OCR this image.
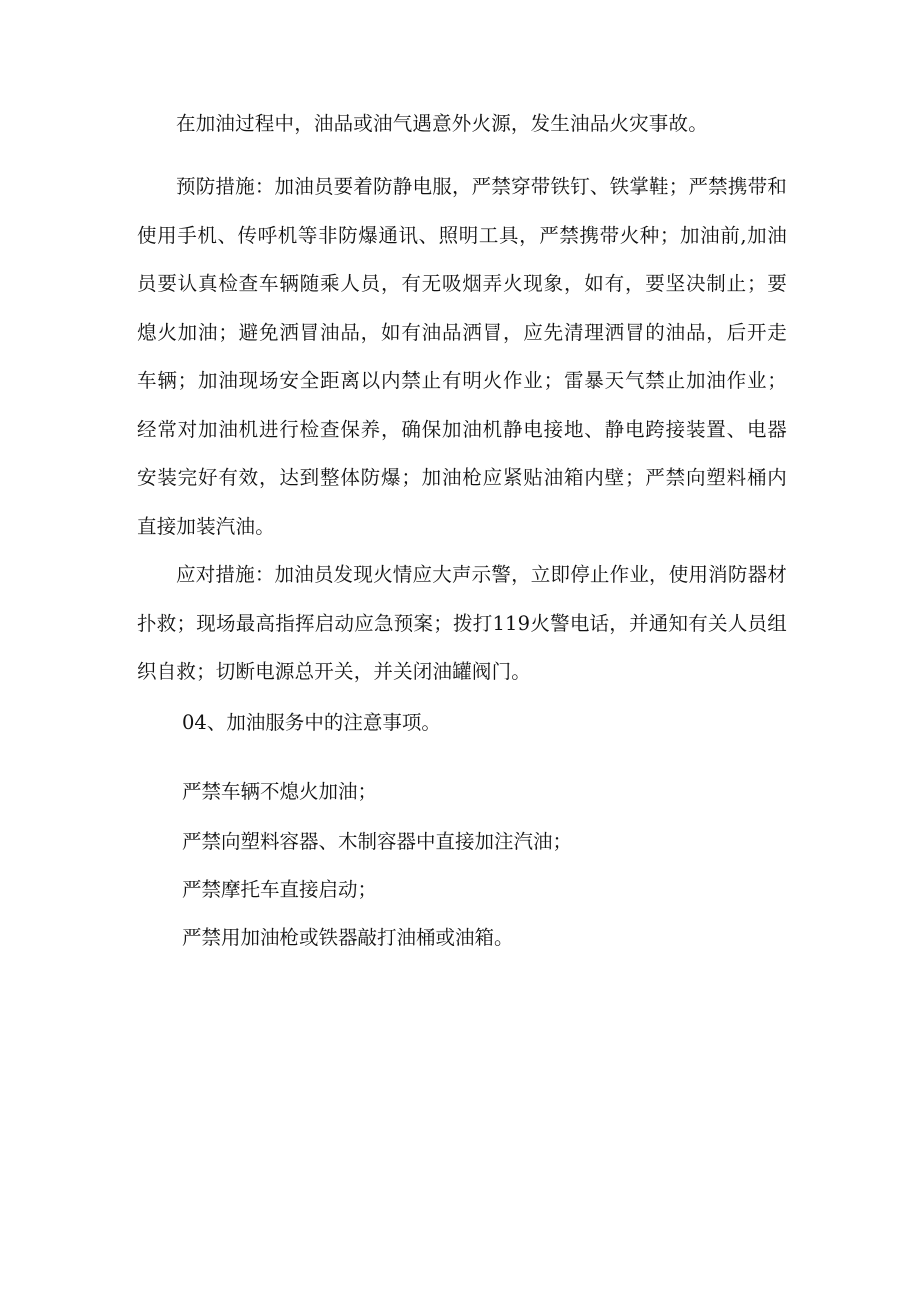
在加油过程中，油品或油气遇意外火源，发生油品火灾事故。

预防措施：加油员要着防静电服，严禁穿带铁钉、铁掌鞋；严禁携带和使用手机、传呼机等非防爆通讯、照明工具，严禁携带火种；加油前,加油员要认真检查车辆随乘人员，有无吸烟弄火现象，如有，要坚决制止；要熄火加油；避免洒冒油品，如有油品洒冒，应先清理洒冒的油品，后开走车辆；加油现场安全距离以内禁止有明火作业；雷暴天气禁止加油作业；经常对加油机进行检查保养，确保加油机静电接地、静电跨接装置、电器安装完好有效，达到整体防爆；加油枪应紧贴油箱内壁；严禁向塑料桶内直接加装汽油。

应对措施：加油员发现火情应大声示警，立即停止作业，使用消防器材扑救；现场最高指挥启动应急预案；拨打119火警电话，并通知有关人员组织自救；切断电源总开关，并关闭油罐阀门。

04、加油服务中的注意事项。

严禁车辆不熄火加油；

严禁向塑料容器、木制容器中直接加注汽油；

严禁摩托车直接启动；

严禁用加油枪或铁器敲打油桶或油箱。
